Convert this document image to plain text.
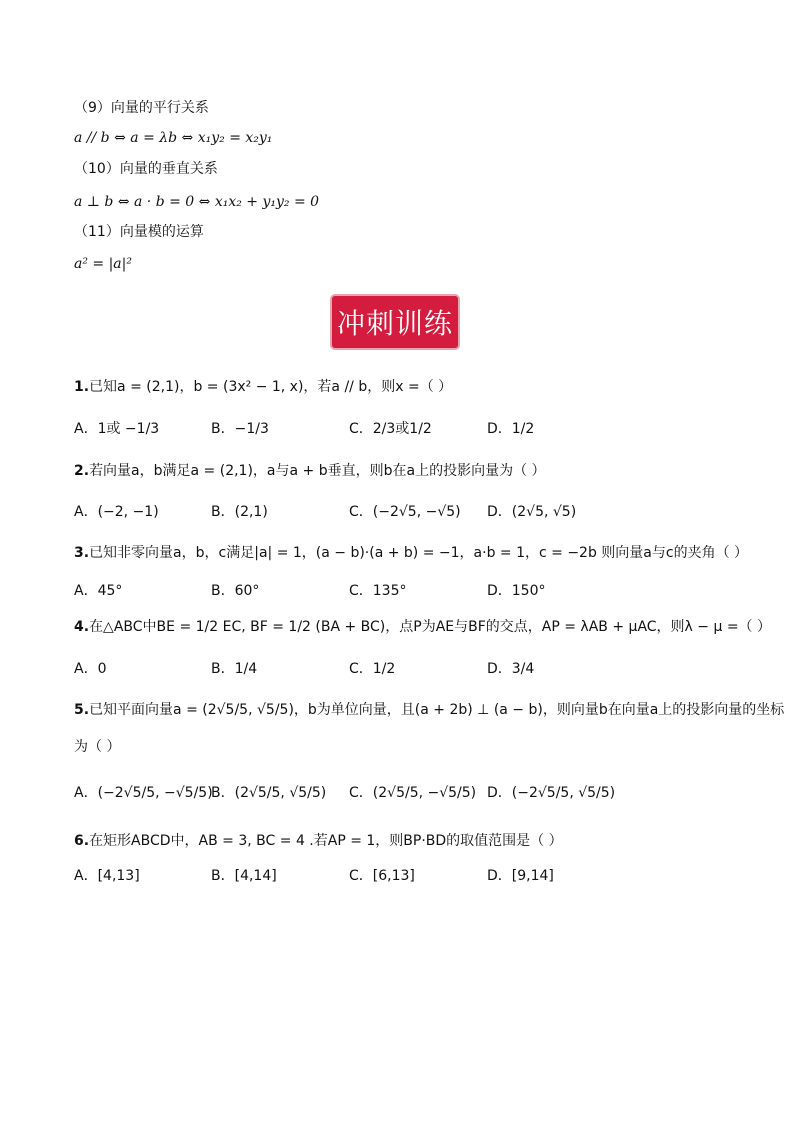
（9）向量的平行关系
a // b ⇔ a = λb ⇔ x₁y₂ = x₂y₁
（10）向量的垂直关系
a ⊥ b ⇔ a · b = 0 ⇔ x₁x₂ + y₁y₂ = 0
（11）向量模的运算
a² = |a|²
冲刺训练
1.已知a = (2,1)，b = (3x² − 1, x)，若a // b，则x =（ ）
A．1或 −1/3	B．−1/3	C．2/3或1/2	D．1/2
2.若向量a，b满足a = (2,1)，a与a + b垂直，则b在a上的投影向量为（ ）
A．(−2, −1)	B．(2,1)	C．(−2√5, −√5) D．(2√5, √5)
3.已知非零向量a，b，c满足|a| = 1，(a − b)·(a + b) = −1，a·b = 1，c = −2b 则向量a与c的夹角（ ）
A．45°	B．60°	C．135°	D．150°
4.在△ABC中BE = 1/2 EC, BF = 1/2 (BA + BC)，点P为AE与BF的交点，AP = λAB + μAC，则λ − μ =（ ）
A．0	B．1/4	C．1/2	D．3/4
5.已知平面向量a = (2√5/5, √5/5)，b为单位向量，且(a + 2b) ⊥ (a − b)，则向量b在向量a上的投影向量的坐标
为（ ）
A．(−2√5/5, −√5/5)
B．(2√5/5, √5/5) C．(2√5/5, −√5/5) D．(−2√5/5, √5/5)
6.在矩形ABCD中，AB = 3, BC = 4 .若AP = 1，则BP·BD的取值范围是（ ）
A．[4,13]	B．[4,14]	C．[6,13]	D．[9,14]
